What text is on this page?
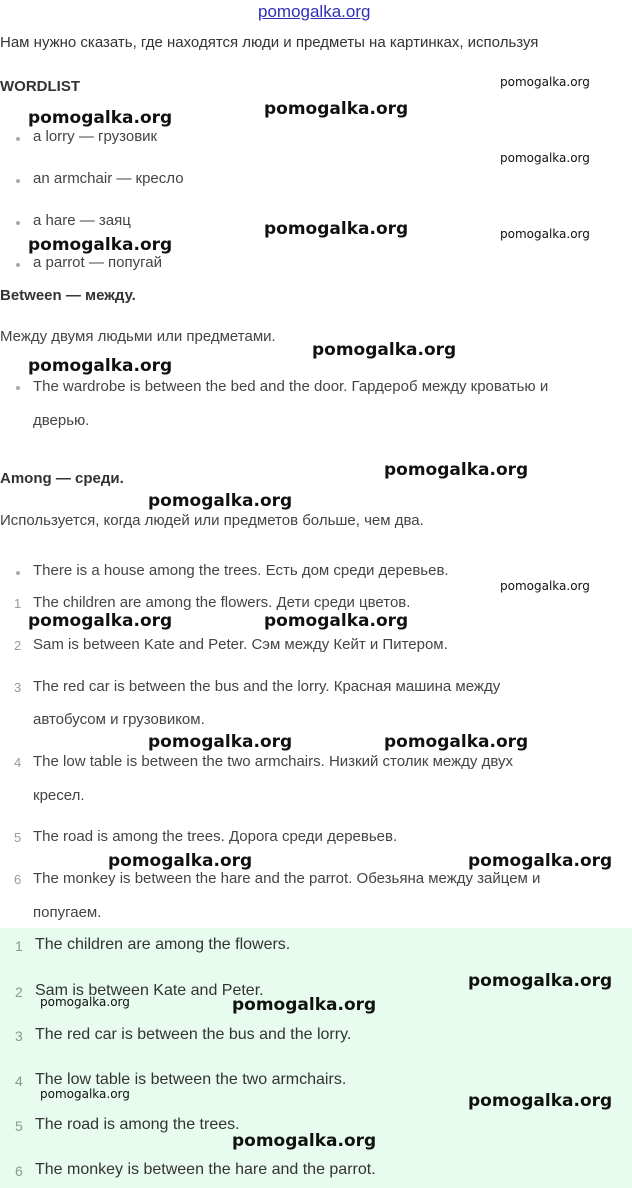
pomogalka.org
Нам нужно сказать, где находятся люди и предметы на картинках, используя
WORDLIST
a lorry — грузовик
an armchair — кресло
a hare — заяц
a parrot — попугай
Between — между.
Между двумя людьми или предметами.
The wardrobe is between the bed and the door. Гардероб между кроватью и
дверью.
Among — среди.
Используется, когда людей или предметов больше, чем два.
There is a house among the trees. Есть дом среди деревьев.
1 The children are among the flowers. Дети среди цветов.
2 Sam is between Kate and Peter. Сэм между Кейт и Питером.
3 The red car is between the bus and the lorry. Красная машина между
автобусом и грузовиком.
4 The low table is between the two armchairs. Низкий столик между двух
кресел.
5 The road is among the trees. Дорога среди деревьев.
6 The monkey is between the hare and the parrot. Обезьяна между зайцем и
попугаем.
1 The children are among the flowers.
2 Sam is between Kate and Peter.
3 The red car is between the bus and the lorry.
4 The low table is between the two armchairs.
5 The road is among the trees.
6 The monkey is between the hare and the parrot.
pomogalka.org
pomogalka.org
pomogalka.org
pomogalka.org
pomogalka.org	pomogalka.org
pomogalka.org
pomogalka.org
pomogalka.org
pomogalka.org
pomogalka.org
pomogalka.org
pomogalka.org	pomogalka.org
pomogalka.org	pomogalka.org
pomogalka.org	pomogalka.org
pomogalka.org
pomogalka.org	pomogalka.org
pomogalka.org	pomogalka.org
pomogalka.org
